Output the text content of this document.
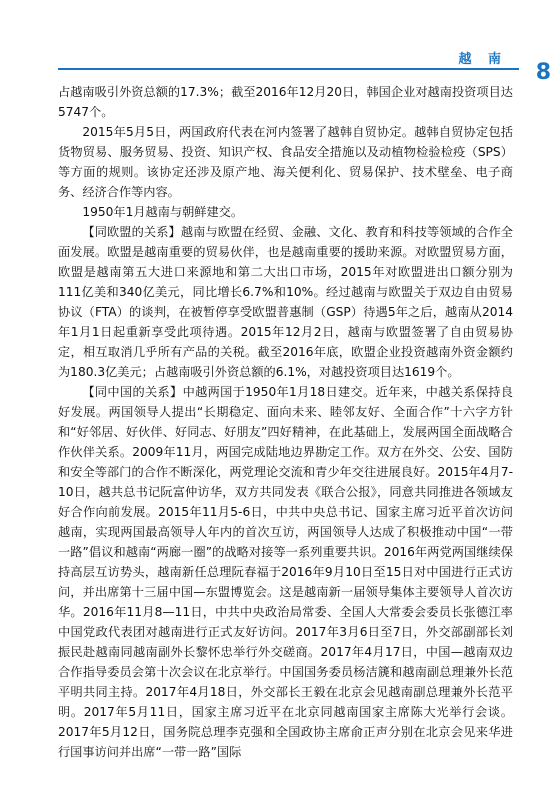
越 南
8

占越南吸引外资总额的17.3%；截至2016年12月20日，韩国企业对越南投资项目达5747个。

2015年5月5日，两国政府代表在河内签署了越韩自贸协定。越韩自贸协定包括货物贸易、服务贸易、投资、知识产权、食品安全措施以及动植物检验检疫（SPS）等方面的规则。该协定还涉及原产地、海关便利化、贸易保护、技术壁垒、电子商务、经济合作等内容。

1950年1月越南与朝鲜建交。

【同欧盟的关系】越南与欧盟在经贸、金融、文化、教育和科技等领域的合作全面发展。欧盟是越南重要的贸易伙伴，也是越南重要的援助来源。对欧盟贸易方面，欧盟是越南第五大进口来源地和第二大出口市场，2015年对欧盟进出口额分别为111亿美和340亿美元，同比增长6.7%和10%。经过越南与欧盟关于双边自由贸易协议（FTA）的谈判，在被暂停享受欧盟普惠制（GSP）待遇5年之后，越南从2014年1月1日起重新享受此项待遇。2015年12月2日，越南与欧盟签署了自由贸易协定，相互取消几乎所有产品的关税。截至2016年底，欧盟企业投资越南外资金额约为180.3亿美元；占越南吸引外资总额的6.1%，对越投资项目达1619个。

【同中国的关系】中越两国于1950年1月18日建交。近年来，中越关系保持良好发展。两国领导人提出“长期稳定、面向未来、睦邻友好、全面合作”十六字方针和“好邻居、好伙伴、好同志、好朋友”四好精神，在此基础上，发展两国全面战略合作伙伴关系。2009年11月，两国完成陆地边界勘定工作。双方在外交、公安、国防和安全等部门的合作不断深化，两党理论交流和青少年交往进展良好。2015年4月7-10日，越共总书记阮富仲访华，双方共同发表《联合公报》，同意共同推进各领域友好合作向前发展。2015年11月5-6日，中共中央总书记、国家主席习近平首次访问越南，实现两国最高领导人年内的首次互访，两国领导人达成了积极推动中国“一带一路”倡议和越南“两廊一圈”的战略对接等一系列重要共识。2016年两党两国继续保持高层互访势头，越南新任总理阮春福于2016年9月10日至15日对中国进行正式访问，并出席第十三届中国—东盟博览会。这是越南新一届领导集体主要领导人首次访华。2016年11月8—11日，中共中央政治局常委、全国人大常委会委员长张德江率中国党政代表团对越南进行正式友好访问。2017年3月6日至7日，外交部副部长刘振民赴越南同越南副外长黎怀忠举行外交磋商。2017年4月17日，中国—越南双边合作指导委员会第十次会议在北京举行。中国国务委员杨洁篪和越南副总理兼外长范平明共同主持。2017年4月18日，外交部长王毅在北京会见越南副总理兼外长范平明。2017年5月11日，国家主席习近平在北京同越南国家主席陈大光举行会谈。2017年5月12日，国务院总理李克强和全国政协主席俞正声分别在北京会见来华进行国事访问并出席“一带一路”国际
